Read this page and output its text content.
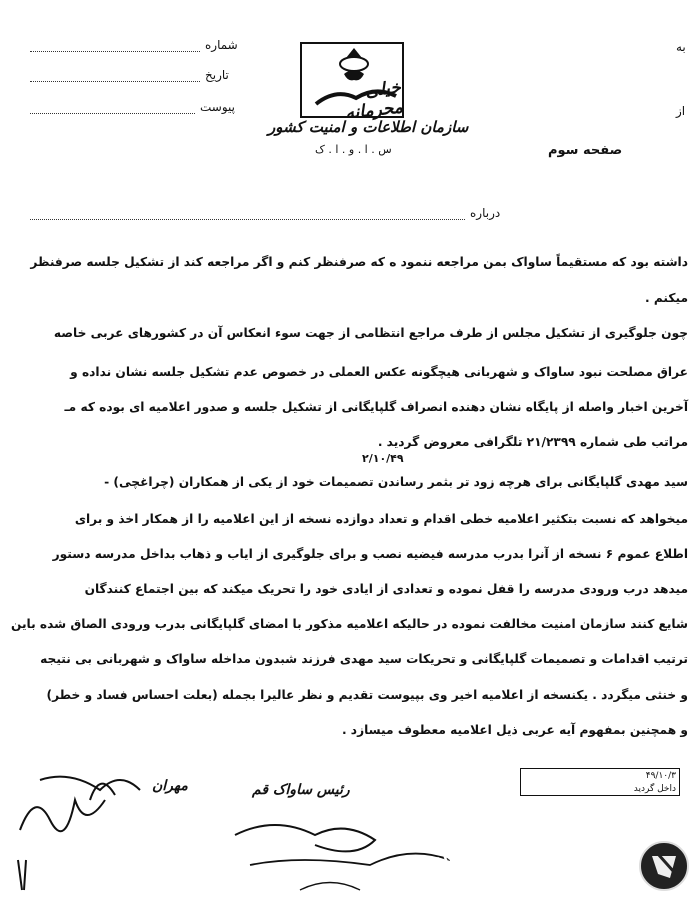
به
از
شماره
تاریخ
پیوست
خیلی محرمانه
سازمان اطلاعات و امنیت کشور
س . ا . و . ا . ک	صفحه سوم
درباره
داشته بود که مستقیماً ساواک بمن مراجعه ننمود ه که صرفنظر کنم و اگر مراجعه کند از تشکیل جلسه صرفنظر
میکنم .
چون جلوگیری از تشکیل مجلس از طرف مراجع انتظامی از جهت سوء انعکاس آن در کشورهای عربی خاصه
عراق مصلحت نبود ساواک و شهربانی هیچگونه عکس العملی در خصوص عدم تشکیل جلسه نشان نداده و
آخرین اخبار واصله از پایگاه نشان دهنده انصراف گلپایگانی از تشکیل جلسه و صدور اعلامیه ای بوده که مـ
مراتب طی شماره ۲۱/۲۳۹۹ تلگرافی معروض گردید .
۲/۱۰/۴۹
سید مهدی گلپایگانی برای هرچه زود تر بثمر رساندن تصمیمات خود از یکی از همکاران (چراغچی) -
میخواهد که نسبت بتکثیر اعلامیه خطی اقدام و تعداد دوازده نسخه از این اعلامیه را از همکار اخذ و برای
اطلاع عموم ۶ نسخه از آنرا بدرب مدرسه فیضیه نصب و برای جلوگیری از ایاب و ذهاب بداخل مدرسه دستور
میدهد درب ورودی مدرسه را قفل نموده و تعدادی از ایادی خود را تحریک میکند که بین اجتماع کنندگان
شایع کنند سازمان امنیت مخالفت نموده در حالیکه اعلامیه مذکور با امضای گلپایگانی بدرب ورودی الصاق شده باین
ترتیب اقدامات و تصمیمات گلپایگانی و تحریکات سید مهدی فرزند شبدون مداخله ساواک و شهربانی بی نتیجه
و خنثی میگردد . یکنسخه از اعلامیه اخیر وی بپیوست تقدیم و نظر عالیرا بجمله (بعلت احساس فساد و خطر)
و همچنین بمفهوم آیه عربی ذیل اعلامیه معطوف میسازد .
۴۹/۱۰/۳
داخل گردید
رئیس ساواک قم
مهران
مرکز بررسی اسناد تاریخی
historydocuments.ir
